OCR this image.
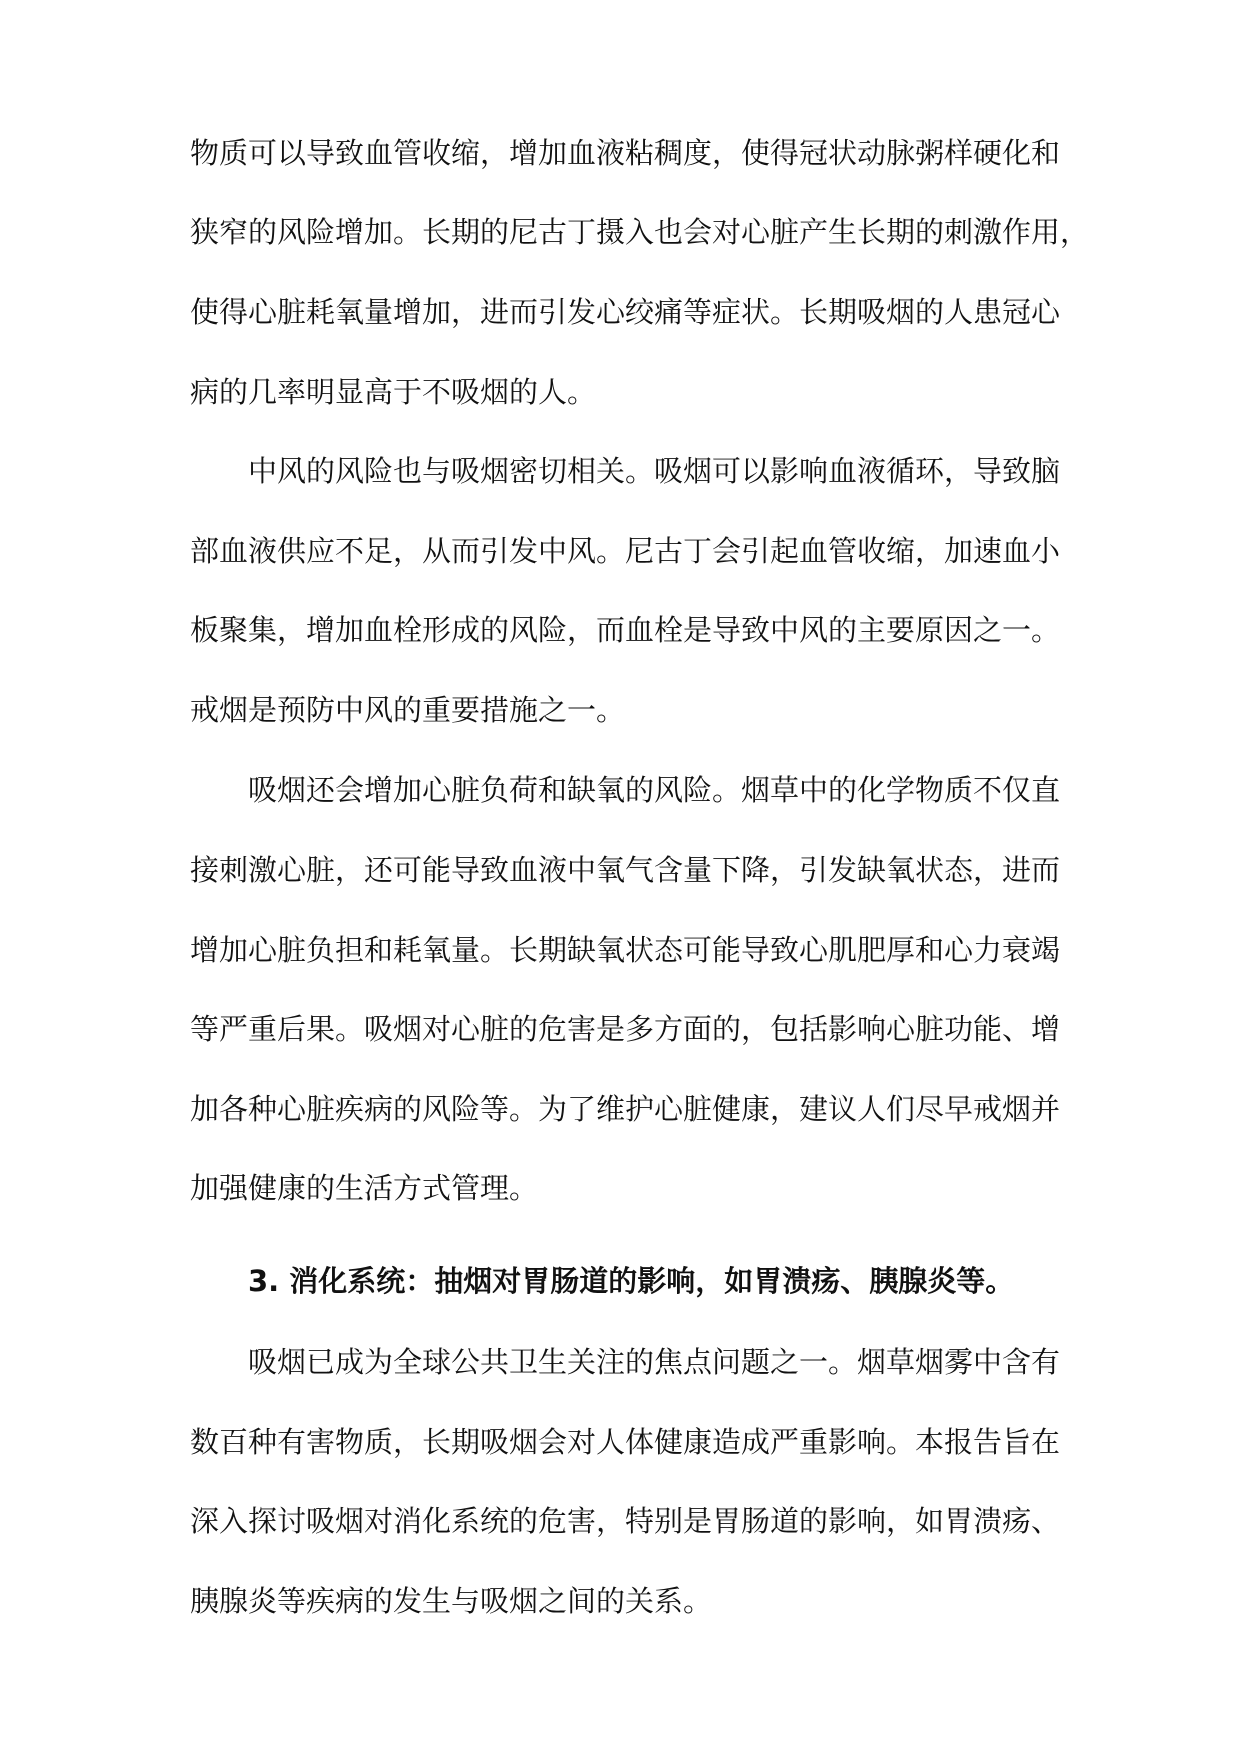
物质可以导致血管收缩，增加血液粘稠度，使得冠状动脉粥样硬化和
狭窄的风险增加。长期的尼古丁摄入也会对心脏产生长期的刺激作用，
使得心脏耗氧量增加，进而引发心绞痛等症状。长期吸烟的人患冠心
病的几率明显高于不吸烟的人。
中风的风险也与吸烟密切相关。吸烟可以影响血液循环，导致脑
部血液供应不足，从而引发中风。尼古丁会引起血管收缩，加速血小
板聚集，增加血栓形成的风险，而血栓是导致中风的主要原因之一。
戒烟是预防中风的重要措施之一。
吸烟还会增加心脏负荷和缺氧的风险。烟草中的化学物质不仅直
接刺激心脏，还可能导致血液中氧气含量下降，引发缺氧状态，进而
增加心脏负担和耗氧量。长期缺氧状态可能导致心肌肥厚和心力衰竭
等严重后果。吸烟对心脏的危害是多方面的，包括影响心脏功能、增
加各种心脏疾病的风险等。为了维护心脏健康，建议人们尽早戒烟并
加强健康的生活方式管理。
3. 消化系统：抽烟对胃肠道的影响，如胃溃疡、胰腺炎等。
吸烟已成为全球公共卫生关注的焦点问题之一。烟草烟雾中含有
数百种有害物质，长期吸烟会对人体健康造成严重影响。本报告旨在
深入探讨吸烟对消化系统的危害，特别是胃肠道的影响，如胃溃疡、
胰腺炎等疾病的发生与吸烟之间的关系。
